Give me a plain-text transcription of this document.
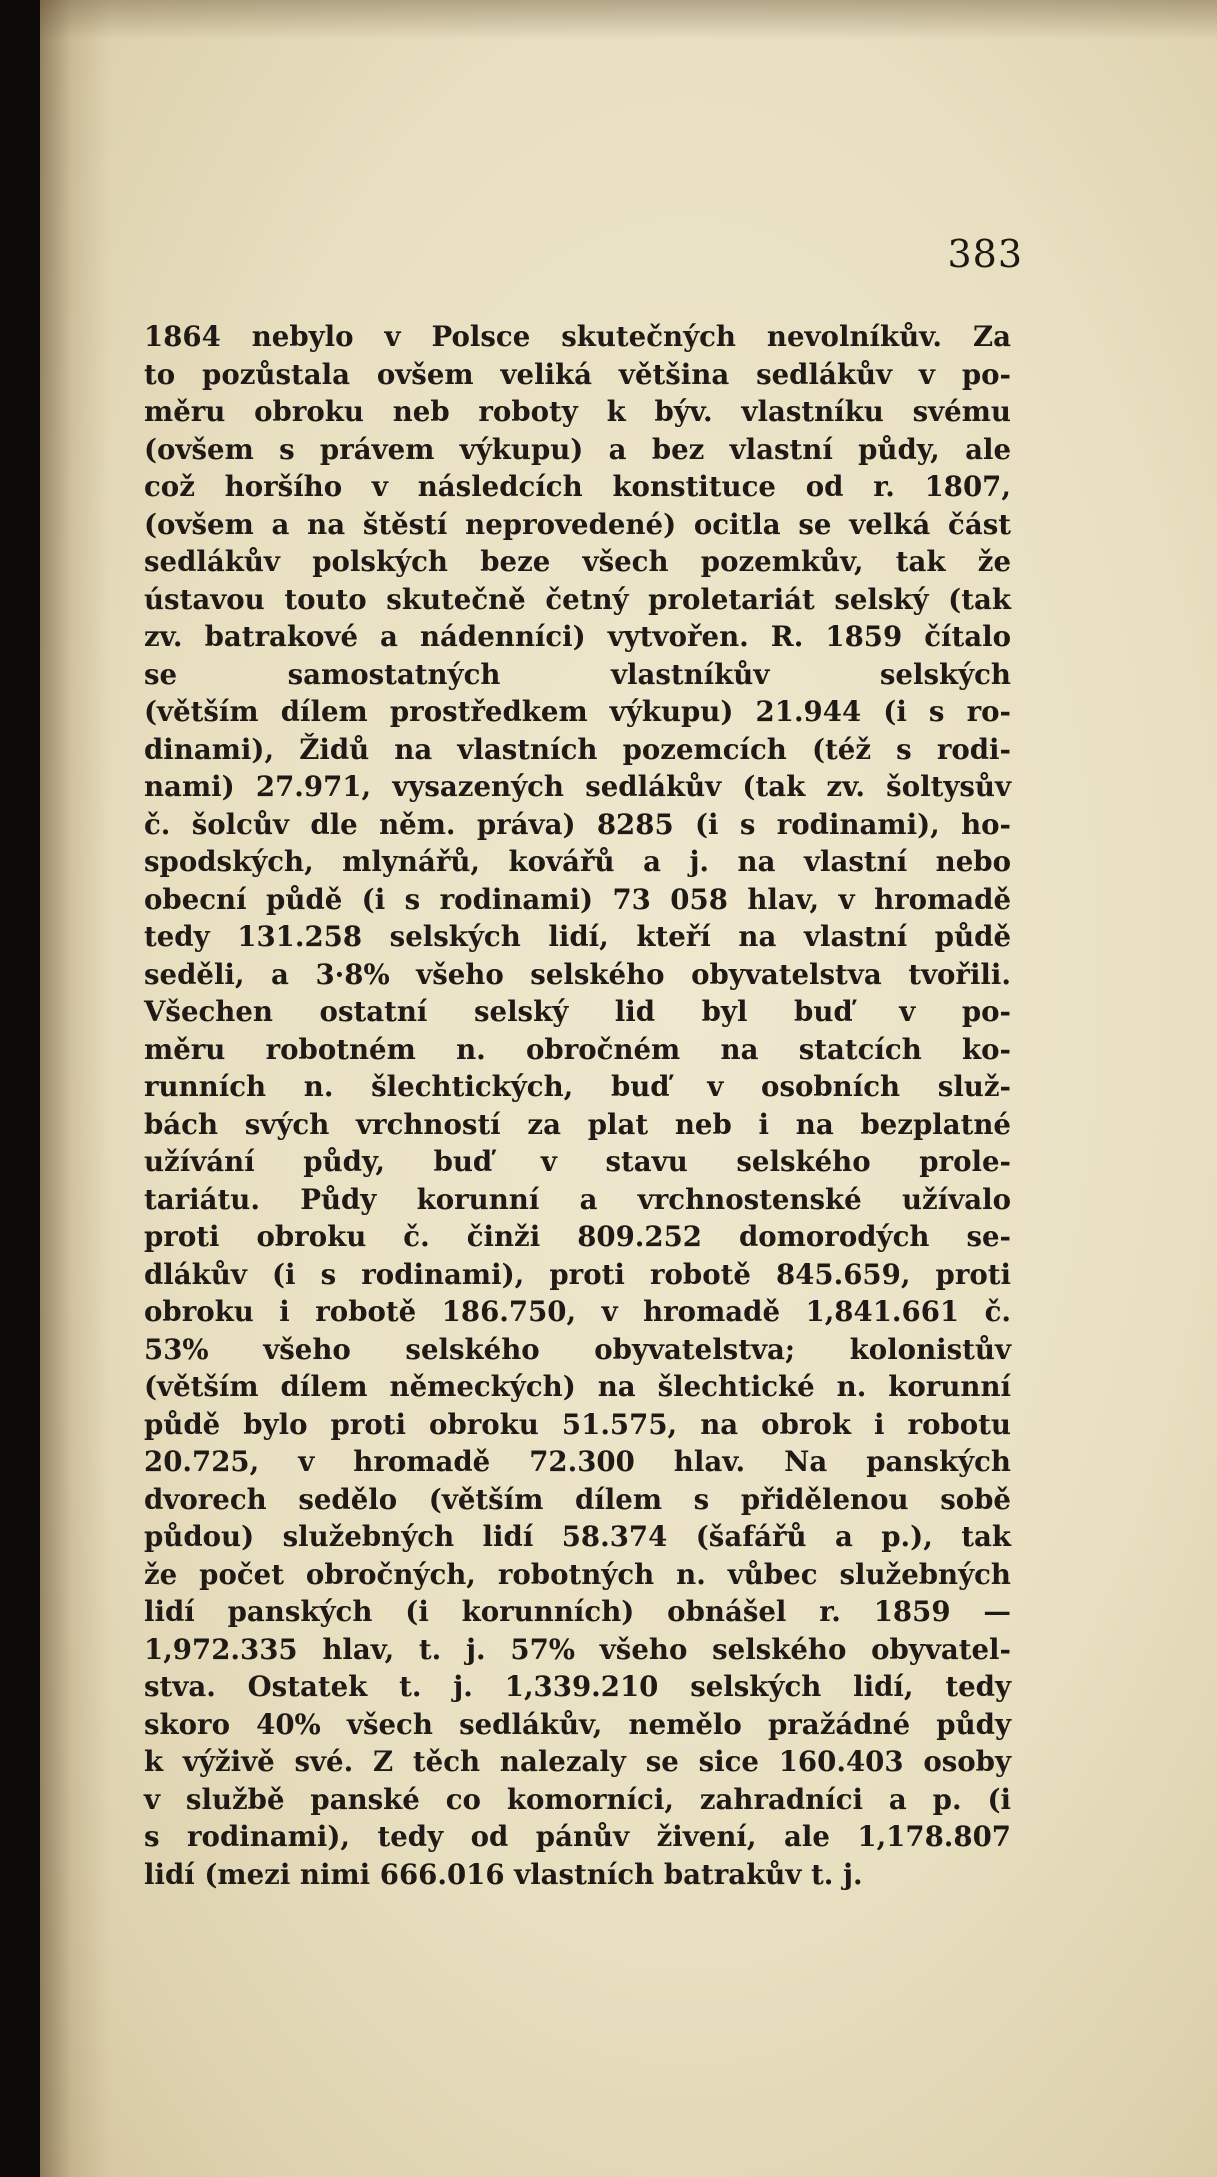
383
1864 nebylo v Polsce skutečných nevolníkův. Za
to pozůstala ovšem veliká většina sedlákův v po-
měru obroku neb roboty k býv. vlastníku svému
(ovšem s právem výkupu) a bez vlastní půdy, ale
což horšího v následcích konstituce od r. 1807,
(ovšem a na štěstí neprovedené) ocitla se velká část
sedlákův polských beze všech pozemkův, tak že
ústavou touto skutečně četný proletariát selský (tak
zv. batrakové a nádenníci) vytvořen. R. 1859 čítalo
se samostatných vlastníkův selských
(větším dílem prostředkem výkupu) 21.944 (i s ro-
dinami), Židů na vlastních pozemcích (též s rodi-
nami) 27.971, vysazených sedlákův (tak zv. šoltysův
č. šolcův dle něm. práva) 8285 (i s rodinami), ho-
spodských, mlynářů, kovářů a j. na vlastní nebo
obecní půdě (i s rodinami) 73 058 hlav, v hromadě
tedy 131.258 selských lidí, kteří na vlastní půdě
seděli, a 3·8% všeho selského obyvatelstva tvořili.
Všechen ostatní selský lid byl buď v po-
měru robotném n. obročném na statcích ko-
runních n. šlechtických, buď v osobních služ-
bách svých vrchností za plat neb i na bezplatné
užívání půdy, buď v stavu selského prole-
tariátu. Půdy korunní a vrchnostenské užívalo
proti obroku č. činži 809.252 domorodých se-
dlákův (i s rodinami), proti robotě 845.659, proti
obroku i robotě 186.750, v hromadě 1,841.661 č.
53% všeho selského obyvatelstva; kolonistův
(větším dílem německých) na šlechtické n. korunní
půdě bylo proti obroku 51.575, na obrok i robotu
20.725, v hromadě 72.300 hlav. Na panských
dvorech sedělo (větším dílem s přidělenou sobě
půdou) služebných lidí 58.374 (šafářů a p.), tak
že počet obročných, robotných n. vůbec služebných
lidí panských (i korunních) obnášel r. 1859 —
1,972.335 hlav, t. j. 57% všeho selského obyvatel-
stva. Ostatek t. j. 1,339.210 selských lidí, tedy
skoro 40% všech sedlákův, nemělo pražádné půdy
k výživě své. Z těch nalezaly se sice 160.403 osoby
v službě panské co komorníci, zahradníci a p. (i
s rodinami), tedy od pánův živení, ale 1,178.807
lidí (mezi nimi 666.016 vlastních batrakův t. j.
